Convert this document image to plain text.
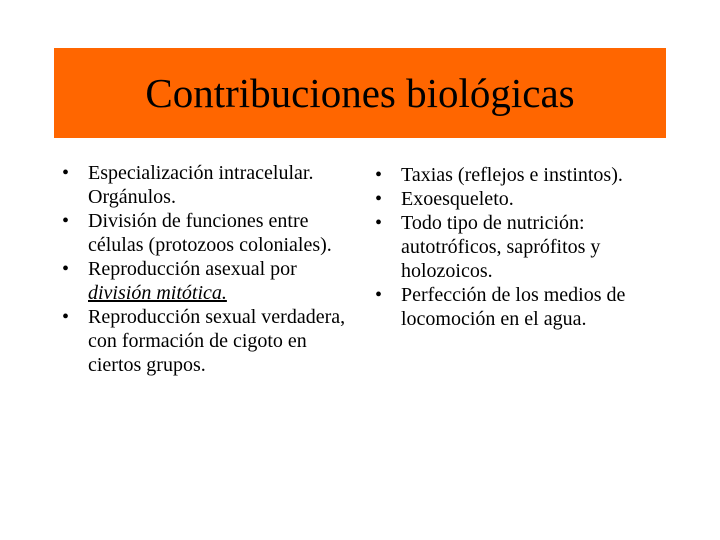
Contribuciones biológicas
• Especialización intracelular. Orgánulos.
• División de funciones entre células (protozoos coloniales).
• Reproducción asexual por división mitótica.
• Reproducción sexual verdadera, con formación de cigoto en ciertos grupos.
• Taxias (reflejos e instintos).
• Exoesqueleto.
• Todo tipo de nutrición: autotróficos, saprófitos y holozoicos.
• Perfección de los medios de locomoción en el agua.
